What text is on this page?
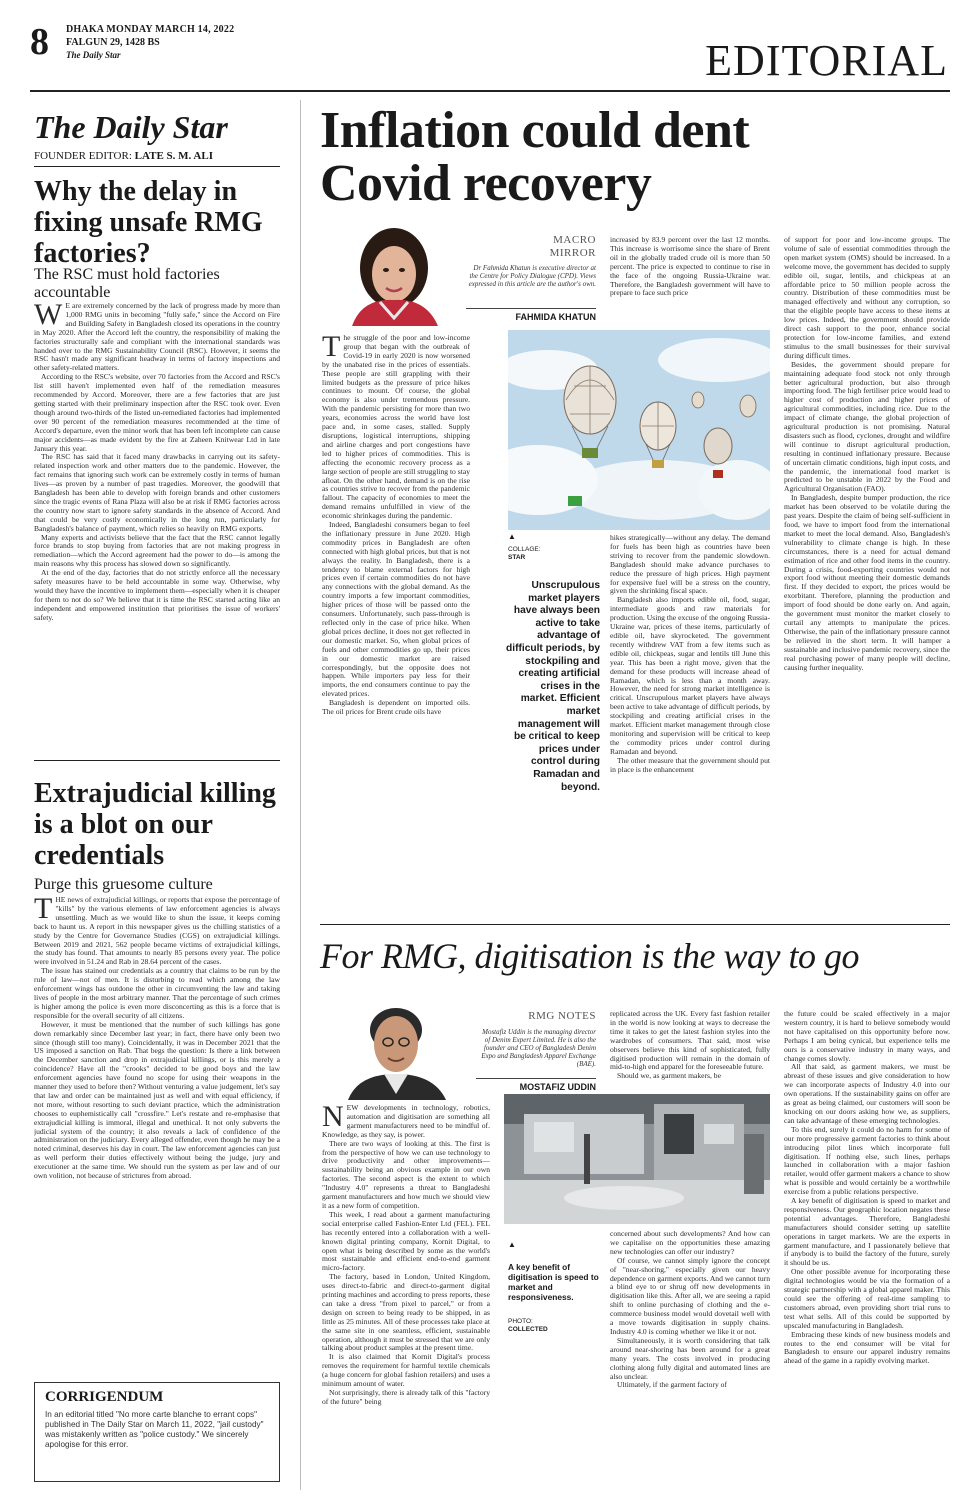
8 DHAKA MONDAY MARCH 14, 2022
FALGUN 29, 1428 BS
The Daily Star	EDITORIAL
The Daily Star
FOUNDER EDITOR: LATE S. M. ALI
Why the delay in fixing unsafe RMG factories?
The RSC must hold factories accountable
W E are extremely concerned by the lack of progress made by more than 1,000 RMG units in becoming "fully safe," since the Accord on Fire and Building Safety in Bangladesh closed its operations in the country in May 2020. After the Accord left the country, the responsibility of making the factories structurally safe and compliant with the international standards was handed over to the RMG Sustainability Council (RSC). However, it seems the RSC hasn't made any significant headway in terms of factory inspections and other safety-related matters.

According to the RSC's website, over 70 factories from the Accord and RSC's list still haven't implemented even half of the remediation measures recommended by Accord. Moreover, there are a few factories that are just getting started with their preliminary inspection after the RSC took over. Even though around two-thirds of the listed un-remediated factories had implemented over 90 percent of the remediation measures recommended at the time of Accord's departure, even the minor work that has been left incomplete can cause major accidents—as made evident by the fire at Zaheen Knitwear Ltd in late January this year.

The RSC has said that it faced many drawbacks in carrying out its safety-related inspection work and other matters due to the pandemic. However, the fact remains that ignoring such work can be extremely costly in terms of human lives—as proven by a number of past tragedies. Moreover, the goodwill that Bangladesh has been able to develop with foreign brands and other customers since the tragic events of Rana Plaza will also be at risk if RMG factories across the country now start to ignore safety standards in the absence of Accord. And that could be very costly economically in the long run, particularly for Bangladesh's balance of payment, which relies so heavily on RMG exports.

Many experts and activists believe that the fact that the RSC cannot legally force brands to stop buying from factories that are not making progress in remediation—which the Accord agreement had the power to do—is among the main reasons why this process has slowed down so significantly.

At the end of the day, factories that do not strictly enforce all the necessary safety measures have to be held accountable in some way. Otherwise, why would they have the incentive to implement them—especially when it is cheaper for them to not do so? We believe that it is time the RSC started acting like an independent and empowered institution that prioritises the issue of workers' safety.

Extrajudicial killing is a blot on our credentials
Purge this gruesome culture
T HE news of extrajudicial killings, or reports that expose the percentage of "kills" by the various elements of law enforcement agencies is always unsettling. Much as we would like to shun the issue, it keeps coming back to haunt us. A report in this newspaper gives us the chilling statistics of a study by the Centre for Governance Studies (CGS) on extrajudicial killings. Between 2019 and 2021, 562 people became victims of extrajudicial killings, the study has found. That amounts to nearly 85 persons every year. The police were involved in 51.24 and Rab in 28.64 percent of the cases.

The issue has stained our credentials as a country that claims to be run by the rule of law—not of men. It is disturbing to read which among the law enforcement wings has outdone the other in circumventing the law and taking lives of people in the most arbitrary manner. That the percentage of such crimes is higher among the police is even more disconcerting as this is a force that is responsible for the overall security of all citizens.

However, it must be mentioned that the number of such killings has gone down remarkably since December last year; in fact, there have only been two since (though still too many). Coincidentally, it was in December 2021 that the US imposed a sanction on Rab. That begs the question: Is there a link between the December sanction and drop in extrajudicial killings, or is this merely a coincidence? Have all the "crooks" decided to be good boys and the law enforcement agencies have found no scope for using their weapons in the manner they used to before then? Without venturing a value judgement, let's say that law and order can be maintained just as well and with equal efficiency, if not more, without resorting to such deviant practice, which the administration chooses to euphemistically call "crossfire." Let's restate and re-emphasise that extrajudicial killing is immoral, illegal and unethical. It not only subverts the judicial system of the country; it also reveals a lack of confidence of the administration on the judiciary. Every alleged offender, even though he may be a noted criminal, deserves his day in court. The law enforcement agencies can just as well perform their duties effectively without being the judge, jury and executioner at the same time. We should run the system as per law and of our own volition, not because of strictures from abroad.

CORRIGENDUM
In an editorial titled "No more carte blanche to errant cops" published in The Daily Star on March 11, 2022, "jail custody" was mistakenly written as "police custody." We sincerely apologise for this error.
Inflation could dent Covid recovery
MACRO MIRROR
Dr Fahmida Khatun is executive director at the Centre for Policy Dialogue (CPD). Views expressed in this article are the author's own.
FAHMIDA KHATUN
T he struggle of the poor and low-income group that began with the outbreak of Covid-19 in early 2020 is now worsened by the unabated rise in the prices of essentials. These people are still grappling with their limited budgets as the pressure of price hikes continues to mount. Of course, the global economy is also under tremendous pressure. With the pandemic persisting for more than two years, economies across the world have lost pace and, in some cases, stalled. Supply disruptions, logistical interruptions, shipping and airline charges and port congestions have led to higher prices of commodities. This is affecting the economic recovery process as a large section of people are still struggling to stay afloat. On the other hand, demand is on the rise as countries strive to recover from the pandemic fallout. The capacity of economies to meet the demand remains unfulfilled in view of the economic shrinkages during the pandemic.

Indeed, Bangladeshi consumers began to feel the inflationary pressure in June 2020. High commodity prices in Bangladesh are often connected with high global prices, but that is not always the reality. In Bangladesh, there is a tendency to blame external factors for high prices even if certain commodities do not have any connections with the global demand. As the country imports a few important commodities, higher prices of those will be passed onto the consumers. Unfortunately, such pass-through is reflected only in the case of price hike. When global prices decline, it does not get reflected in our domestic market. So, when global prices of fuels and other commodities go up, their prices in our domestic market are raised correspondingly, but the opposite does not happen. While importers pay less for their imports, the end consumers continue to pay the elevated prices.

Bangladesh is dependent on imported oils. The oil prices for Brent crude oils have

increased by 83.9 percent over the last 12 months. This increase is worrisome since the share of Brent oil in the globally traded crude oil is more than 50 percent. The price is expected to continue to rise in the face of the ongoing Russia-Ukraine war. Therefore, the Bangladesh government will have to prepare to face such price

▲
COLLAGE:
STAR
Unscrupulous market players have always been active to take advantage of difficult periods, by stockpiling and creating artificial crises in the market. Efficient market management will be critical to keep prices under control during Ramadan and beyond.

hikes strategically—without any delay. The demand for fuels has been high as countries have been striving to recover from the pandemic slowdown. Bangladesh should make advance purchases to reduce the pressure of high prices. High payment for expensive fuel will be a stress on the country, given the shrinking fiscal space.

Bangladesh also imports edible oil, food, sugar, intermediate goods and raw materials for production. Using the excuse of the ongoing Russia-Ukraine war, prices of these items, particularly of edible oil, have skyrocketed. The government recently withdrew VAT from a few items such as edible oil, chickpeas, sugar and lentils till June this year. This has been a right move, given that the demand for these products will increase ahead of Ramadan, which is less than a month away. However, the need for strong market intelligence is critical. Unscrupulous market players have always been active to take advantage of difficult periods, by stockpiling and creating artificial crises in the market. Efficient market management through close monitoring and supervision will be critical to keep the commodity prices under control during Ramadan and beyond.

The other measure that the government should put in place is the enhancement

of support for poor and low-income groups. The volume of sale of essential commodities through the open market system (OMS) should be increased. In a welcome move, the government has decided to supply edible oil, sugar, lentils, and chickpeas at an affordable price to 50 million people across the country. Distribution of these commodities must be managed effectively and without any corruption, so that the eligible people have access to these items at low prices. Indeed, the government should provide direct cash support to the poor, enhance social protection for low-income families, and extend stimulus to the small businesses for their survival during difficult times.

Besides, the government should prepare for maintaining adequate food stock not only through better agricultural production, but also through importing food. The high fertiliser price would lead to higher cost of production and higher prices of agricultural commodities, including rice. Due to the impact of climate change, the global projection of agricultural production is not promising. Natural disasters such as flood, cyclones, drought and wildfire will continue to disrupt agricultural production, resulting in continued inflationary pressure. Because of uncertain climatic conditions, high input costs, and the pandemic, the international food market is predicted to be unstable in 2022 by the Food and Agricultural Organisation (FAO).

In Bangladesh, despite bumper production, the rice market has been observed to be volatile during the past years. Despite the claim of being self-sufficient in food, we have to import food from the international market to meet the local demand. Also, Bangladesh's vulnerability to climate change is high. In these circumstances, there is a need for actual demand estimation of rice and other food items in the country. During a crisis, food-exporting countries would not export food without meeting their domestic demands first. If they decided to export, the prices would be exorbitant. Therefore, planning the production and import of food should be done early on. And again, the government must monitor the market closely to curtail any attempts to manipulate the prices. Otherwise, the pain of the inflationary pressure cannot be relieved in the short term. It will hamper a sustainable and inclusive pandemic recovery, since the real purchasing power of many people will decline, causing further inequality.

For RMG, digitisation is the way to go
RMG NOTES
Mostafiz Uddin is the managing director of Denim Expert Limited. He is also the founder and CEO of Bangladesh Denim Expo and Bangladesh Apparel Exchange (BAE).
MOSTAFIZ UDDIN
N EW developments in technology, robotics, automation and digitisation are something all garment manufacturers need to be mindful of. Knowledge, as they say, is power.

There are two ways of looking at this. The first is from the perspective of how we can use technology to drive productivity and other improvements—sustainability being an obvious example in our own factories. The second aspect is the extent to which "Industry 4.0" represents a threat to Bangladeshi garment manufacturers and how much we should view it as a new form of competition.

This week, I read about a garment manufacturing social enterprise called Fashion-Enter Ltd (FEL). FEL has recently entered into a collaboration with a well-known digital printing company, Kornit Digital, to open what is being described by some as the world's most sustainable and efficient end-to-end garment micro-factory.

The factory, based in London, United Kingdom, uses direct-to-fabric and direct-to-garment digital printing machines and according to press reports, these can take a dress "from pixel to parcel," or from a design on screen to being ready to be shipped, in as little as 25 minutes. All of these processes take place at the same site in one seamless, efficient, sustainable operation, although it must be stressed that we are only talking about product samples at the present time.

It is also claimed that Kornit Digital's process removes the requirement for harmful textile chemicals (a huge concern for global fashion retailers) and uses a minimum amount of water.

Not surprisingly, there is already talk of this "factory of the future" being

replicated across the UK. Every fast fashion retailer in the world is now looking at ways to decrease the time it takes to get the latest fashion styles into the wardrobes of consumers. That said, most wise observers believe this kind of sophisticated, fully digitised production will remain in the domain of mid-to-high end apparel for the foreseeable future.

Should we, as garment makers, be

▲
A key benefit of digitisation is speed to market and responsiveness.
PHOTO:
COLLECTED

concerned about such developments? And how can we capitalise on the opportunities these amazing new technologies can offer our industry?

Of course, we cannot simply ignore the concept of "near-shoring," especially given our heavy dependence on garment exports. And we cannot turn a blind eye to or shrug off new developments in digitisation like this. After all, we are seeing a rapid shift to online purchasing of clothing and the e-commerce business model would dovetail well with a move towards digitisation in supply chains. Industry 4.0 is coming whether we like it or not.

Simultaneously, it is worth considering that talk around near-shoring has been around for a great many years. The costs involved in producing clothing along fully digital and automated lines are also unclear.

Ultimately, if the garment factory of

the future could be scaled effectively in a major western country, it is hard to believe somebody would not have capitalised on this opportunity before now. Perhaps I am being cynical, but experience tells me ours is a conservative industry in many ways, and change comes slowly.

All that said, as garment makers, we must be abreast of these issues and give consideration to how we can incorporate aspects of Industry 4.0 into our own operations. If the sustainability gains on offer are as great as being claimed, our customers will soon be knocking on our doors asking how we, as suppliers, can take advantage of these emerging technologies.

To this end, surely it could do no harm for some of our more progressive garment factories to think about introducing pilot lines which incorporate full digitisation. If nothing else, such lines, perhaps launched in collaboration with a major fashion retailer, would offer garment makers a chance to show what is possible and would certainly be a worthwhile exercise from a public relations perspective.

A key benefit of digitisation is speed to market and responsiveness. Our geographic location negates these potential advantages. Therefore, Bangladeshi manufacturers should consider setting up satellite operations in target markets. We are the experts in garment manufacture, and I passionately believe that if anybody is to build the factory of the future, surely it should be us.

One other possible avenue for incorporating these digital technologies would be via the formation of a strategic partnership with a global apparel maker. This could see the offering of real-time sampling to customers abroad, even providing short trial runs to test what sells. All of this could be supported by upscaled manufacturing in Bangladesh.

Embracing these kinds of new business models and routes to the end consumer will be vital for Bangladesh to ensure our apparel industry remains ahead of the game in a rapidly evolving market.
